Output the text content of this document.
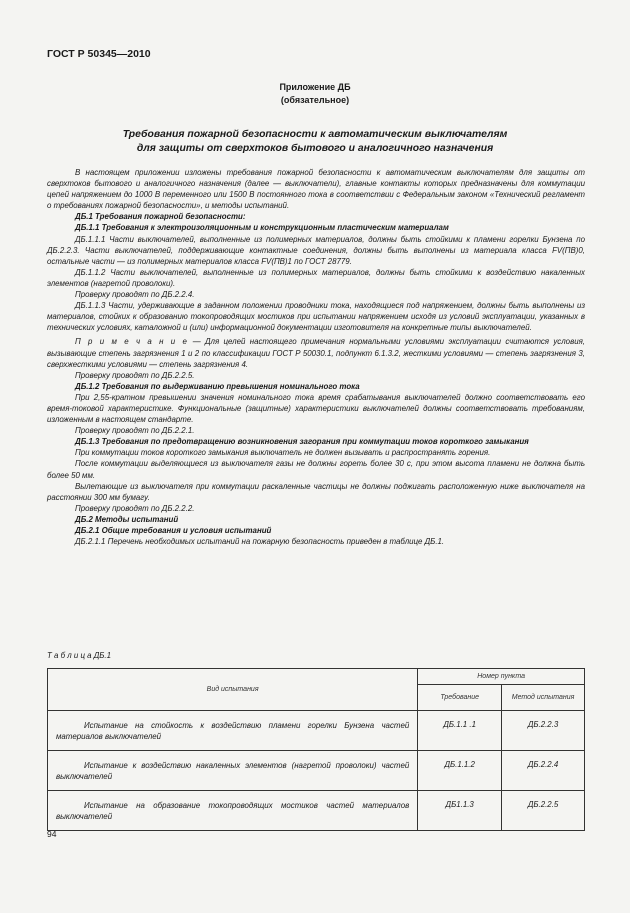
ГОСТ Р 50345—2010
Приложение ДБ
(обязательное)
Требования пожарной безопасности к автоматическим выключателям
для защиты от сверхтоков бытового и аналогичного назначения

В настоящем приложении изложены требования пожарной безопасности к автоматическим выключателям для защиты от сверхтоков бытового и аналогичного назначения (далее — выключатели), главные контакты которых предназначены для коммутации цепей напряжением до 1000 В переменного или 1500 В постоянного тока в соответствии с Федеральным законом «Технический регламент о требованиях пожарной безопасности», и методы испытаний.

ДБ.1 Требования пожарной безопасности:

ДБ.1.1 Требования к электроизоляционным и конструкционным пластическим материалам

ДБ.1.1.1 Части выключателей, выполненные из полимерных материалов, должны быть стойкими к пламени горелки Бунзена по ДБ.2.2.3. Части выключателей, поддерживающие контактные соединения, должны быть выполнены из материала класса FV(ПВ)0, остальные части — из полимерных материалов класса FV(ПВ)1 по ГОСТ 28779.

ДБ.1.1.2 Части выключателей, выполненные из полимерных материалов, должны быть стойкими к воздействию накаленных элементов (нагретой проволоки).

Проверку проводят по ДБ.2.2.4.

ДБ.1.1.3 Части, удерживающие в заданном положении проводники тока, находящиеся под напряжением, должны быть выполнены из материалов, стойких к образованию токопроводящих мостиков при испытании напряжением исходя из условий эксплуатации, указанных в технических условиях, каталожной и (или) информационной документации изготовителя на конкретные типы выключателей.

П р и м е ч а н и е — Для целей настоящего примечания нормальными условиями эксплуатации считаются условия, вызывающие степень загрязнения 1 и 2 по классификации ГОСТ Р 50030.1, подпункт 6.1.3.2, жесткими условиями — степень загрязнения 3, сверхжесткими условиями — степень загрязнения 4.

Проверку проводят по ДБ.2.2.5.

ДБ.1.2 Требования по выдерживанию превышения номинального тока

При 2,55-кратном превышении значения номинального тока время срабатывания выключателей должно соответствовать его время-токовой характеристике. Функциональные (защитные) характеристики выключателей должны соответствовать требованиям, изложенным в настоящем стандарте.

Проверку проводят по ДБ.2.2.1.

ДБ.1.3 Требования по предотвращению возникновения загорания при коммутации токов короткого замыкания

При коммутации токов короткого замыкания выключатель не должен вызывать и распространять горения.

После коммутации выделяющиеся из выключателя газы не должны гореть более 30 с, при этом высота пламени не должна быть более 50 мм.

Вылетающие из выключателя при коммутации раскаленные частицы не должны поджигать расположенную ниже выключателя на расстоянии 300 мм бумагу.

Проверку проводят по ДБ.2.2.2.

ДБ.2 Методы испытаний

ДБ.2.1 Общие требования и условия испытаний

ДБ.2.1.1 Перечень необходимых испытаний на пожарную безопасность приведен в таблице ДБ.1.

Т а б л и ц а ДБ.1
Вид испытания	Номер пункта	
	Требование	Метод испытания

Испытание на стойкость к воздействию пламени горелки Бунзена частей материалов выключателей	ДБ.1.1 .1	ДБ.2.2.3

Испытание к воздействию накаленных элементов (нагретой проволоки) частей выключателей	ДБ.1.1.2	ДБ.2.2.4

Испытание на образование токопроводящих мостиков частей материалов выключателей	ДБ1.1.3	ДБ.2.2.5
94
